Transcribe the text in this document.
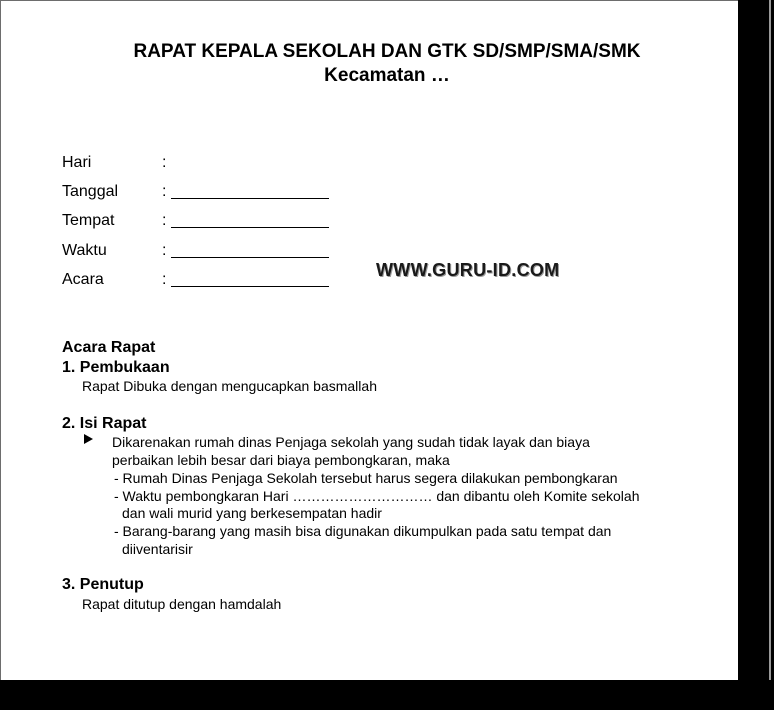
RAPAT KEPALA SEKOLAH DAN GTK SD/SMP/SMA/SMK
Kecamatan …
Hari	:
Tanggal	:
Tempat	:
Waktu	:
Acara	:	WWW.GURU-ID.COM
Acara Rapat
1. Pembukaan
Rapat Dibuka dengan mengucapkan basmallah
2. Isi Rapat
Dikarenakan rumah dinas Penjaga sekolah yang sudah tidak layak dan biaya
perbaikan lebih besar dari biaya pembongkaran, maka
- Rumah Dinas Penjaga Sekolah tersebut harus segera dilakukan pembongkaran
- Waktu pembongkaran Hari ………………………… dan dibantu oleh Komite sekolah
dan wali murid yang berkesempatan hadir
- Barang-barang yang masih bisa digunakan dikumpulkan pada satu tempat dan
diiventarisir
3. Penutup
Rapat ditutup dengan hamdalah
